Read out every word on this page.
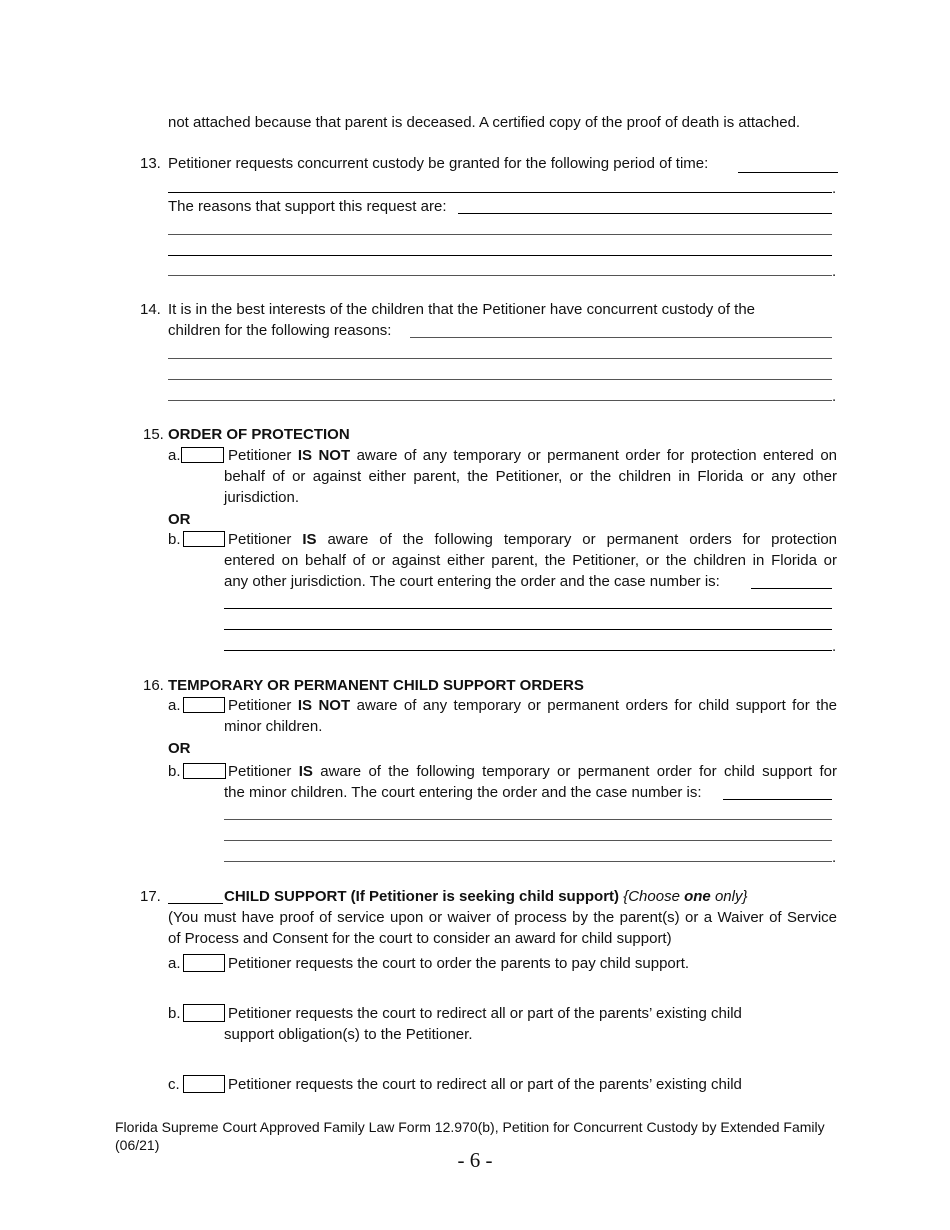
not attached because that parent is deceased. A certified copy of the proof of death is attached.
13. Petitioner requests concurrent custody be granted for the following period of time:
.
The reasons that support this request are:
.
14. It is in the best interests of the children that the Petitioner have concurrent custody of the
children for the following reasons:
.
15. ORDER OF PROTECTION
a.	Petitioner IS NOT aware of any temporary or permanent order for protection entered on
behalf of or against either parent, the Petitioner, or the children in Florida or any other
jurisdiction.
OR
b.	Petitioner IS aware of the following temporary or permanent orders for protection
entered on behalf of or against either parent, the Petitioner, or the children in Florida or
any other jurisdiction. The court entering the order and the case number is:
.
16. TEMPORARY OR PERMANENT CHILD SUPPORT ORDERS
a.	Petitioner IS NOT aware of any temporary or permanent orders for child support for the
minor children.
OR
b.	Petitioner IS aware of the following temporary or permanent order for child support for
the minor children. The court entering the order and the case number is:
.
17.	CHILD SUPPORT (If Petitioner is seeking child support) {Choose one only}
(You must have proof of service upon or waiver of process by the parent(s) or a Waiver of Service
of Process and Consent for the court to consider an award for child support)
a.	Petitioner requests the court to order the parents to pay child support.
b.	Petitioner requests the court to redirect all or part of the parents’ existing child
support obligation(s) to the Petitioner.
c.	Petitioner requests the court to redirect all or part of the parents’ existing child
Florida Supreme Court Approved Family Law Form 12.970(b), Petition for Concurrent Custody by Extended Family
(06/21)
- 6 -
